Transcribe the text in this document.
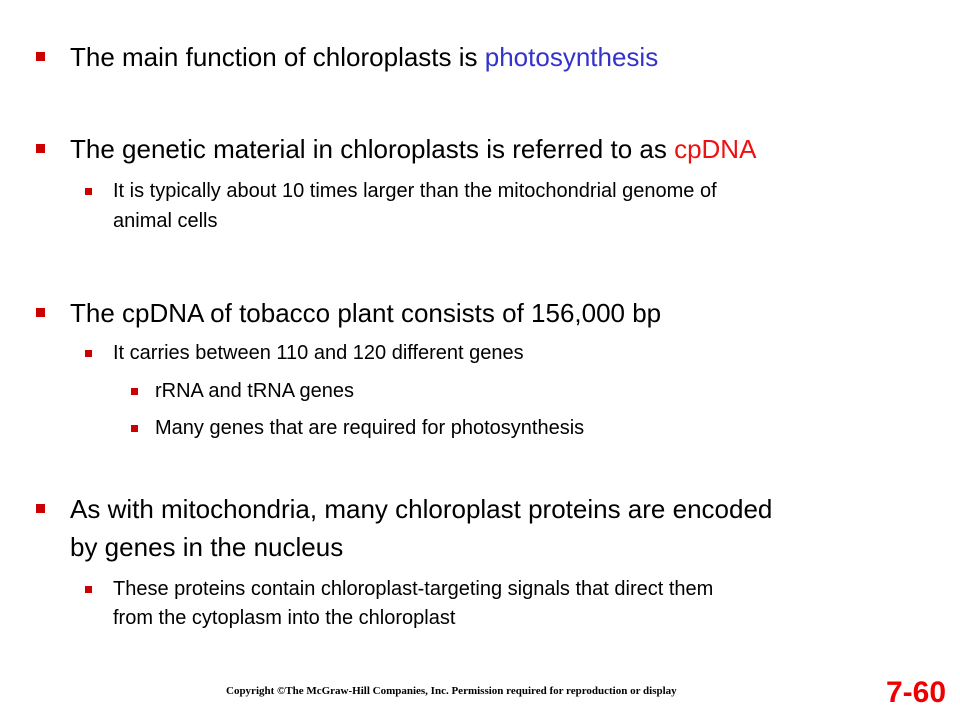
The main function of chloroplasts is photosynthesis
The genetic material in chloroplasts is referred to as cpDNA
It is typically about 10 times larger than the mitochondrial genome of
animal cells
The cpDNA of tobacco plant consists of 156,000 bp
It carries between 110 and 120 different genes
rRNA and tRNA genes
Many genes that are required for photosynthesis
As with mitochondria, many chloroplast proteins are encoded
by genes in the nucleus
These proteins contain chloroplast-targeting signals that direct them
from the cytoplasm into the chloroplast
Copyright ©The McGraw-Hill Companies, Inc. Permission required for reproduction or display	7-60
